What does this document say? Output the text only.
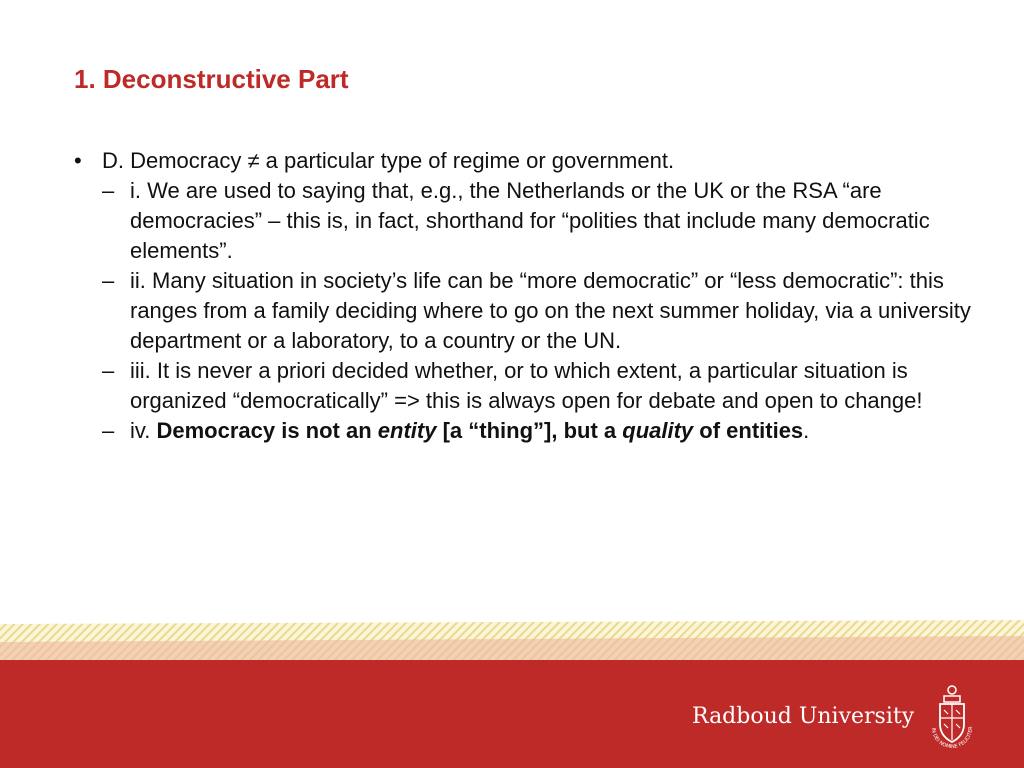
1. Deconstructive Part
• D. Democracy ≠ a particular type of regime or government.
– i. We are used to saying that, e.g., the Netherlands or the UK or the RSA “are democracies” – this is, in fact, shorthand for “polities that include many democratic elements”.
– ii. Many situation in society’s life can be “more democratic” or “less democratic”: this ranges from a family deciding where to go on the next summer holiday, via a university department or a laboratory, to a country or the UN.
– iii. It is never a priori decided whether, or to which extent, a particular situation is organized “democratically” => this is always open for debate and open to change!
– iv. Democracy is not an entity [a “thing”], but a quality of entities.
Radboud University	IN DEI NOMINE FELICITER
